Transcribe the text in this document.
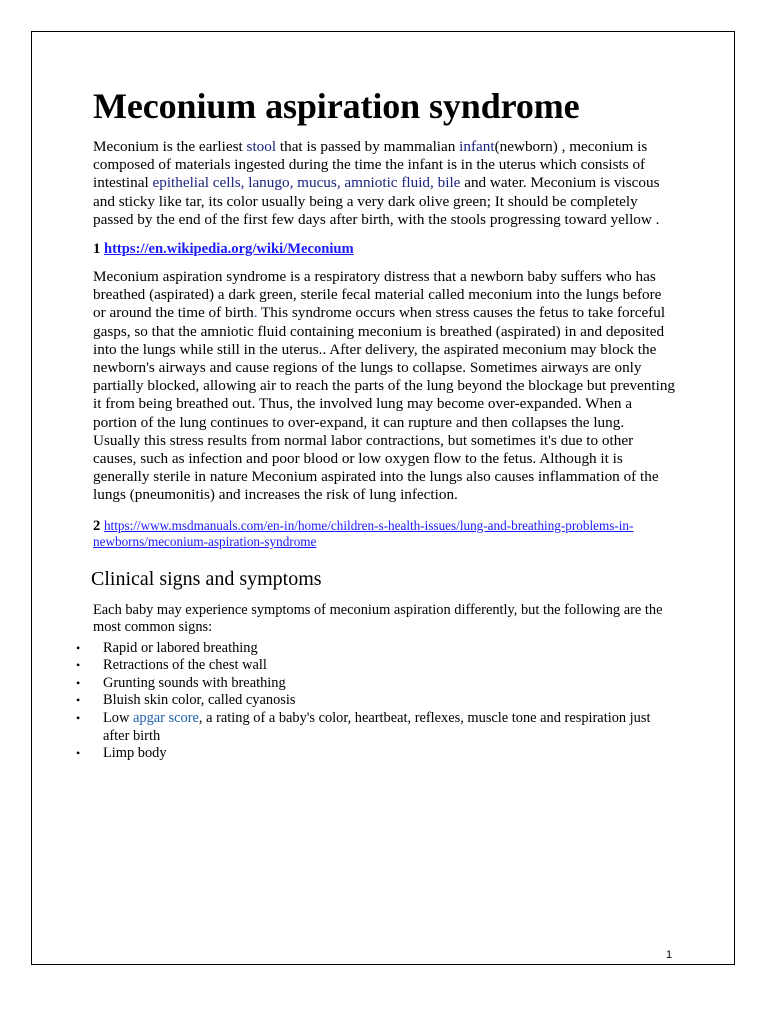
Meconium aspiration syndrome

Meconium is the earliest stool that is passed by mammalian infant(newborn) , meconium is composed of materials ingested during the time the infant is in the uterus which consists of intestinal epithelial cells, lanugo, mucus, amniotic fluid, bile and water. Meconium is viscous and sticky like tar, its color usually being a very dark olive green; It should be completely passed by the end of the first few days after birth, with the stools progressing toward yellow .

1 https://en.wikipedia.org/wiki/Meconium

Meconium aspiration syndrome is a respiratory distress that a newborn baby suffers who has breathed (aspirated) a dark green, sterile fecal material called meconium into the lungs before or around the time of birth. This syndrome occurs when stress causes the fetus to take forceful gasps, so that the amniotic fluid containing meconium is breathed (aspirated) in and deposited into the lungs while still in the uterus.. After delivery, the aspirated meconium may block the newborn's airways and cause regions of the lungs to collapse. Sometimes airways are only partially blocked, allowing air to reach the parts of the lung beyond the blockage but preventing it from being breathed out. Thus, the involved lung may become over-expanded. When a portion of the lung continues to over-expand, it can rupture and then collapses the lung. Usually this stress results from normal labor contractions, but sometimes it's due to other causes, such as infection and poor blood or low oxygen flow to the fetus. Although it is generally sterile in nature Meconium aspirated into the lungs also causes inflammation of the lungs (pneumonitis) and increases the risk of lung infection.

2 https://www.msdmanuals.com/en-in/home/children-s-health-issues/lung-and-breathing-problems-in-newborns/meconium-aspiration-syndrome

Clinical signs and symptoms

Each baby may experience symptoms of meconium aspiration differently, but the following are the most common signs:

• Rapid or labored breathing
• Retractions of the chest wall
• Grunting sounds with breathing
• Bluish skin color, called cyanosis
• Low apgar score, a rating of a baby's color, heartbeat, reflexes, muscle tone and respiration just after birth
• Limp body
1
